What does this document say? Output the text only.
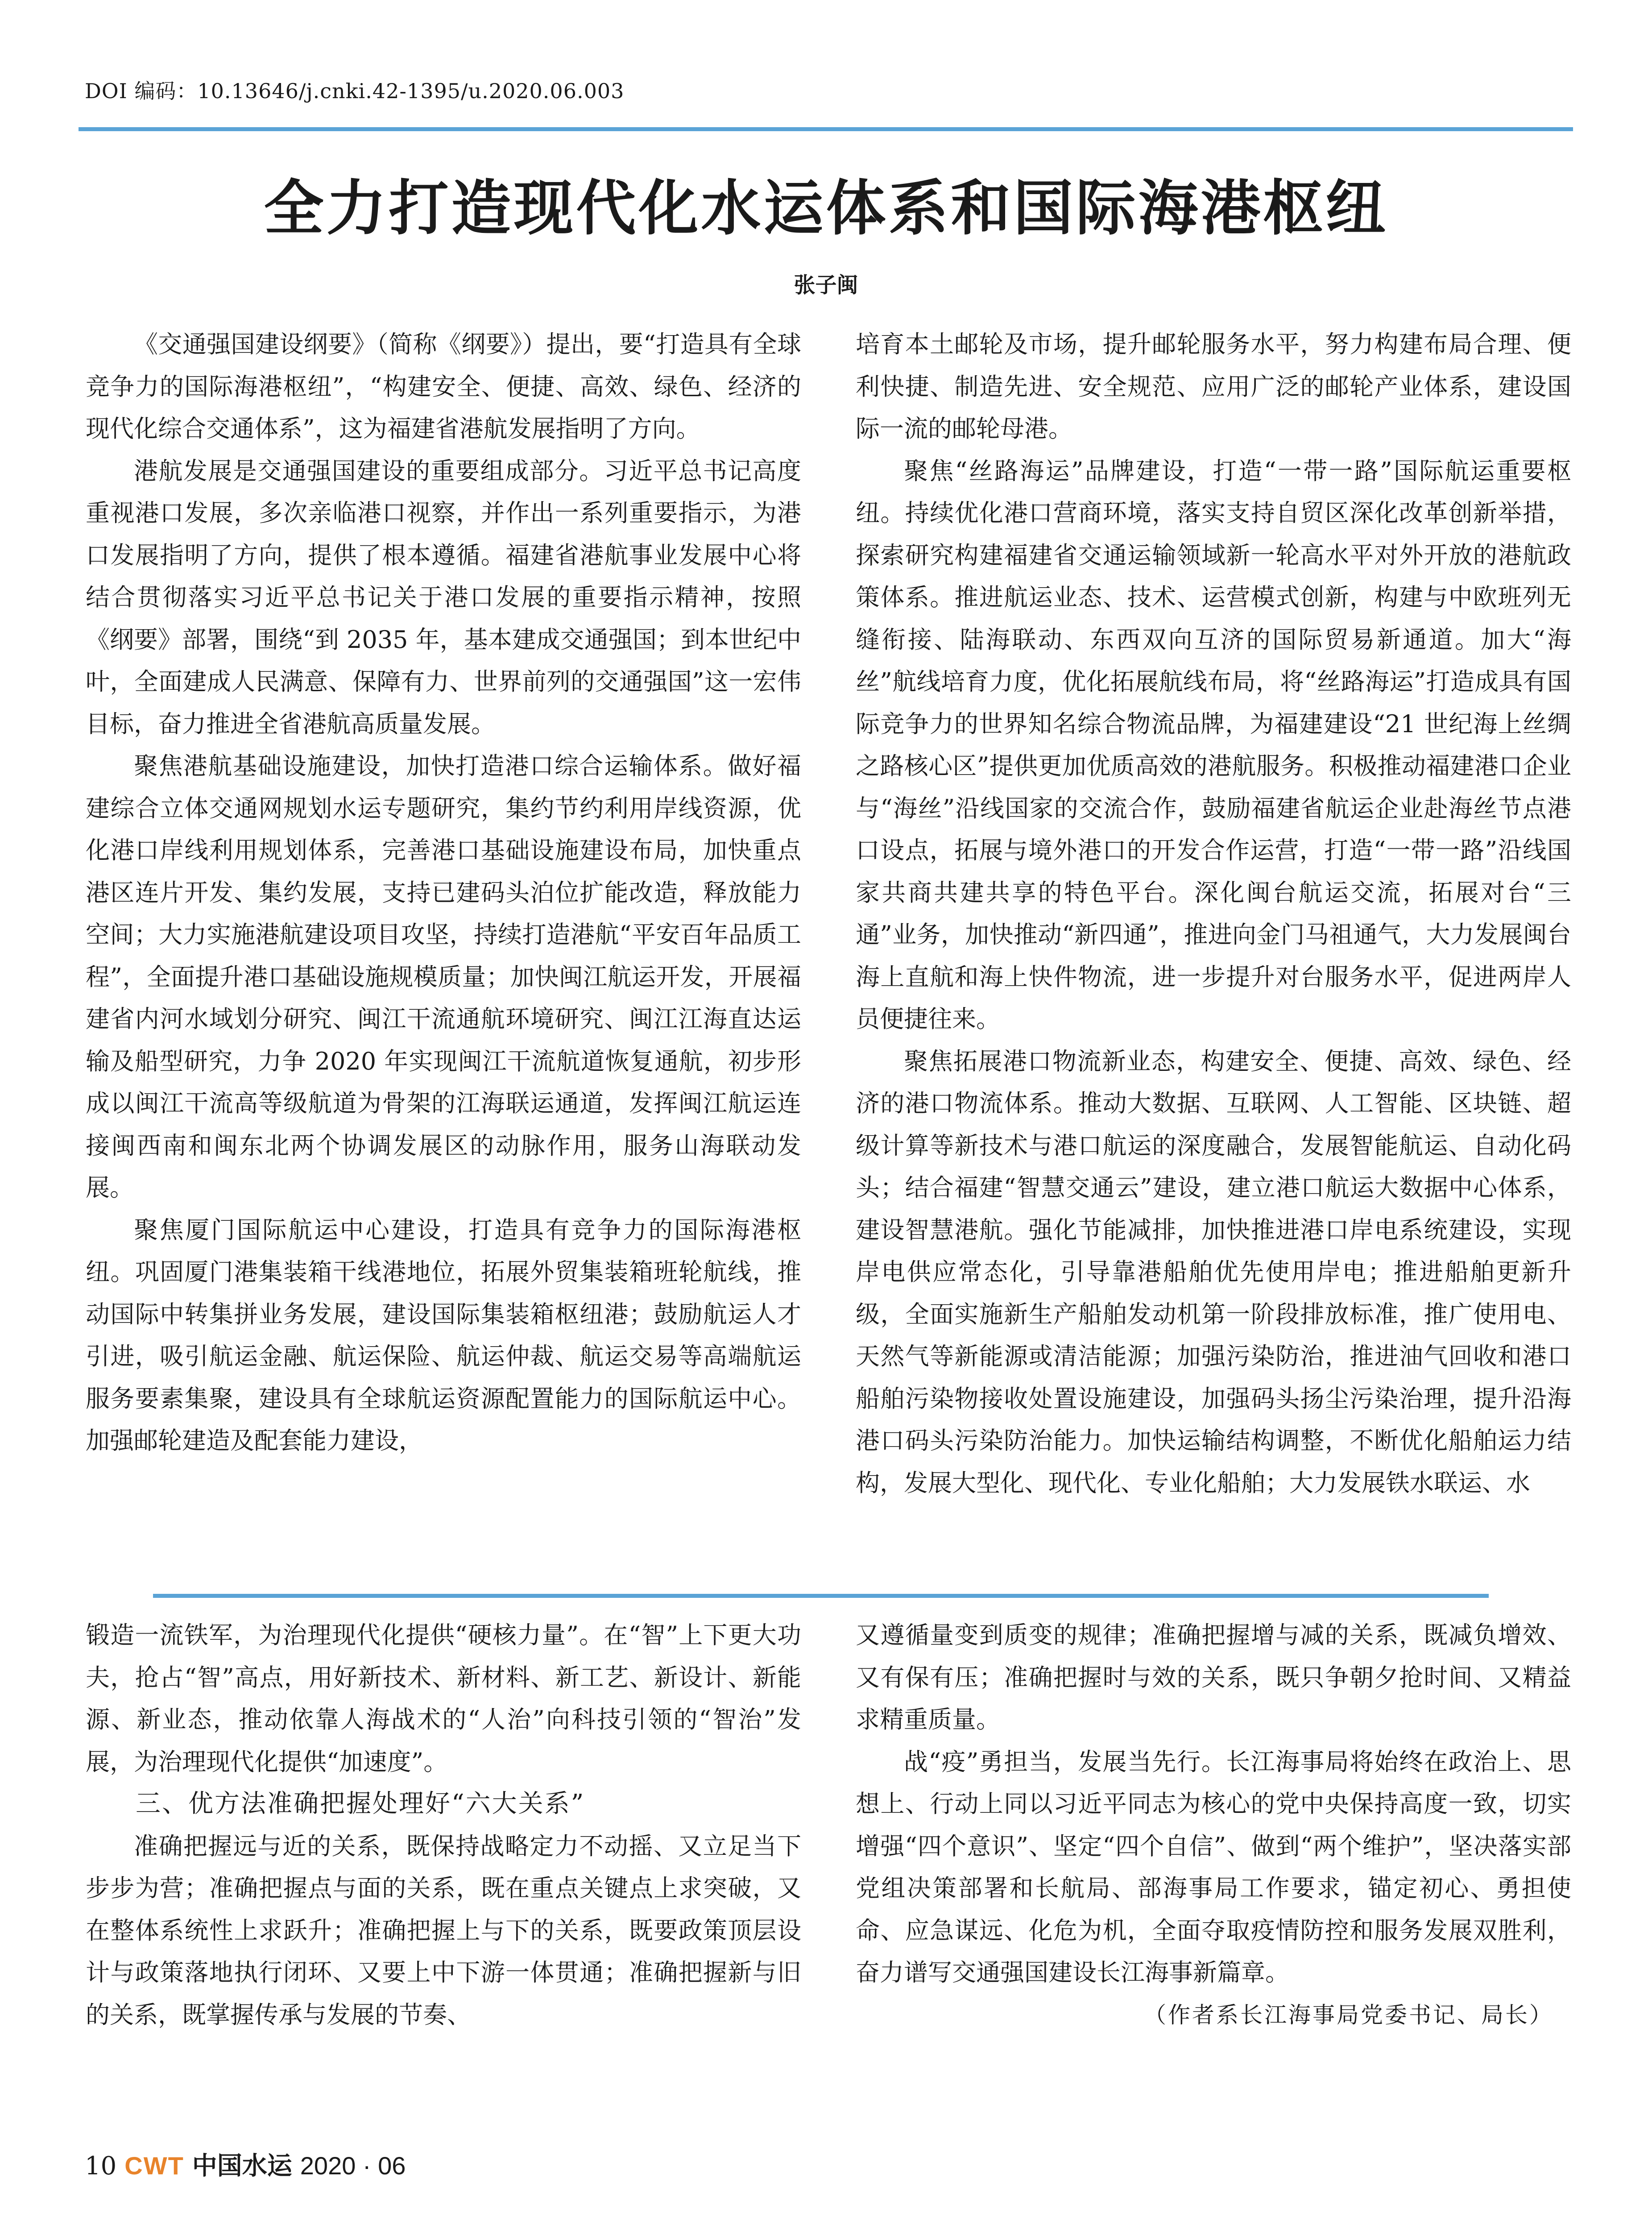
DOI 编码：10.13646/j.cnki.42-1395/u.2020.06.003
全力打造现代化水运体系和国际海港枢纽
张子闽

《交通强国建设纲要》（简称《纲要》）提出，要“打造具有全球竞争力的国际海港枢纽”，“构建安全、便捷、高效、绿色、经济的现代化综合交通体系”，这为福建省港航发展指明了方向。

港航发展是交通强国建设的重要组成部分。习近平总书记高度重视港口发展，多次亲临港口视察，并作出一系列重要指示，为港口发展指明了方向，提供了根本遵循。福建省港航事业发展中心将结合贯彻落实习近平总书记关于港口发展的重要指示精神，按照《纲要》部署，围绕“到 2035 年，基本建成交通强国；到本世纪中叶，全面建成人民满意、保障有力、世界前列的交通强国”这一宏伟目标，奋力推进全省港航高质量发展。

聚焦港航基础设施建设，加快打造港口综合运输体系。做好福建综合立体交通网规划水运专题研究，集约节约利用岸线资源，优化港口岸线利用规划体系，完善港口基础设施建设布局，加快重点港区连片开发、集约发展，支持已建码头泊位扩能改造，释放能力空间；大力实施港航建设项目攻坚，持续打造港航“平安百年品质工程”，全面提升港口基础设施规模质量；加快闽江航运开发，开展福建省内河水域划分研究、闽江干流通航环境研究、闽江江海直达运输及船型研究，力争 2020 年实现闽江干流航道恢复通航，初步形成以闽江干流高等级航道为骨架的江海联运通道，发挥闽江航运连接闽西南和闽东北两个协调发展区的动脉作用，服务山海联动发展。

聚焦厦门国际航运中心建设，打造具有竞争力的国际海港枢纽。巩固厦门港集装箱干线港地位，拓展外贸集装箱班轮航线，推动国际中转集拼业务发展，建设国际集装箱枢纽港；鼓励航运人才引进，吸引航运金融、航运保险、航运仲裁、航运交易等高端航运服务要素集聚，建设具有全球航运资源配置能力的国际航运中心。加强邮轮建造及配套能力建设，

培育本土邮轮及市场，提升邮轮服务水平，努力构建布局合理、便利快捷、制造先进、安全规范、应用广泛的邮轮产业体系，建设国际一流的邮轮母港。

聚焦“丝路海运”品牌建设，打造“一带一路”国际航运重要枢纽。持续优化港口营商环境，落实支持自贸区深化改革创新举措，探索研究构建福建省交通运输领域新一轮高水平对外开放的港航政策体系。推进航运业态、技术、运营模式创新，构建与中欧班列无缝衔接、陆海联动、东西双向互济的国际贸易新通道。加大“海丝”航线培育力度，优化拓展航线布局，将“丝路海运”打造成具有国际竞争力的世界知名综合物流品牌，为福建建设“21 世纪海上丝绸之路核心区”提供更加优质高效的港航服务。积极推动福建港口企业与“海丝”沿线国家的交流合作，鼓励福建省航运企业赴海丝节点港口设点，拓展与境外港口的开发合作运营，打造“一带一路”沿线国家共商共建共享的特色平台。深化闽台航运交流，拓展对台“三通”业务，加快推动“新四通”，推进向金门马祖通气，大力发展闽台海上直航和海上快件物流，进一步提升对台服务水平，促进两岸人员便捷往来。

聚焦拓展港口物流新业态，构建安全、便捷、高效、绿色、经济的港口物流体系。推动大数据、互联网、人工智能、区块链、超级计算等新技术与港口航运的深度融合，发展智能航运、自动化码头；结合福建“智慧交通云”建设，建立港口航运大数据中心体系，建设智慧港航。强化节能减排，加快推进港口岸电系统建设，实现岸电供应常态化，引导靠港船舶优先使用岸电；推进船舶更新升级，全面实施新生产船舶发动机第一阶段排放标准，推广使用电、天然气等新能源或清洁能源；加强污染防治，推进油气回收和港口船舶污染物接收处置设施建设，加强码头扬尘污染治理，提升沿海港口码头污染防治能力。加快运输结构调整，不断优化船舶运力结构，发展大型化、现代化、专业化船舶；大力发展铁水联运、水

锻造一流铁军，为治理现代化提供“硬核力量”。在“智”上下更大功夫，抢占“智”高点，用好新技术、新材料、新工艺、新设计、新能源、新业态，推动依靠人海战术的“人治”向科技引领的“智治”发展，为治理现代化提供“加速度”。

三、优方法准确把握处理好“六大关系”

准确把握远与近的关系，既保持战略定力不动摇、又立足当下步步为营；准确把握点与面的关系，既在重点关键点上求突破，又在整体系统性上求跃升；准确把握上与下的关系，既要政策顶层设计与政策落地执行闭环、又要上中下游一体贯通；准确把握新与旧的关系，既掌握传承与发展的节奏、

又遵循量变到质变的规律；准确把握增与减的关系，既减负增效、又有保有压；准确把握时与效的关系，既只争朝夕抢时间、又精益求精重质量。

战“疫”勇担当，发展当先行。长江海事局将始终在政治上、思想上、行动上同以习近平同志为核心的党中央保持高度一致，切实增强“四个意识”、坚定“四个自信”、做到“两个维护”，坚决落实部党组决策部署和长航局、部海事局工作要求，锚定初心、勇担使命、应急谋远、化危为机，全面夺取疫情防控和服务发展双胜利，奋力谱写交通强国建设长江海事新篇章。

（作者系长江海事局党委书记、局长）

10 CWT 中国水运 2020 · 06
